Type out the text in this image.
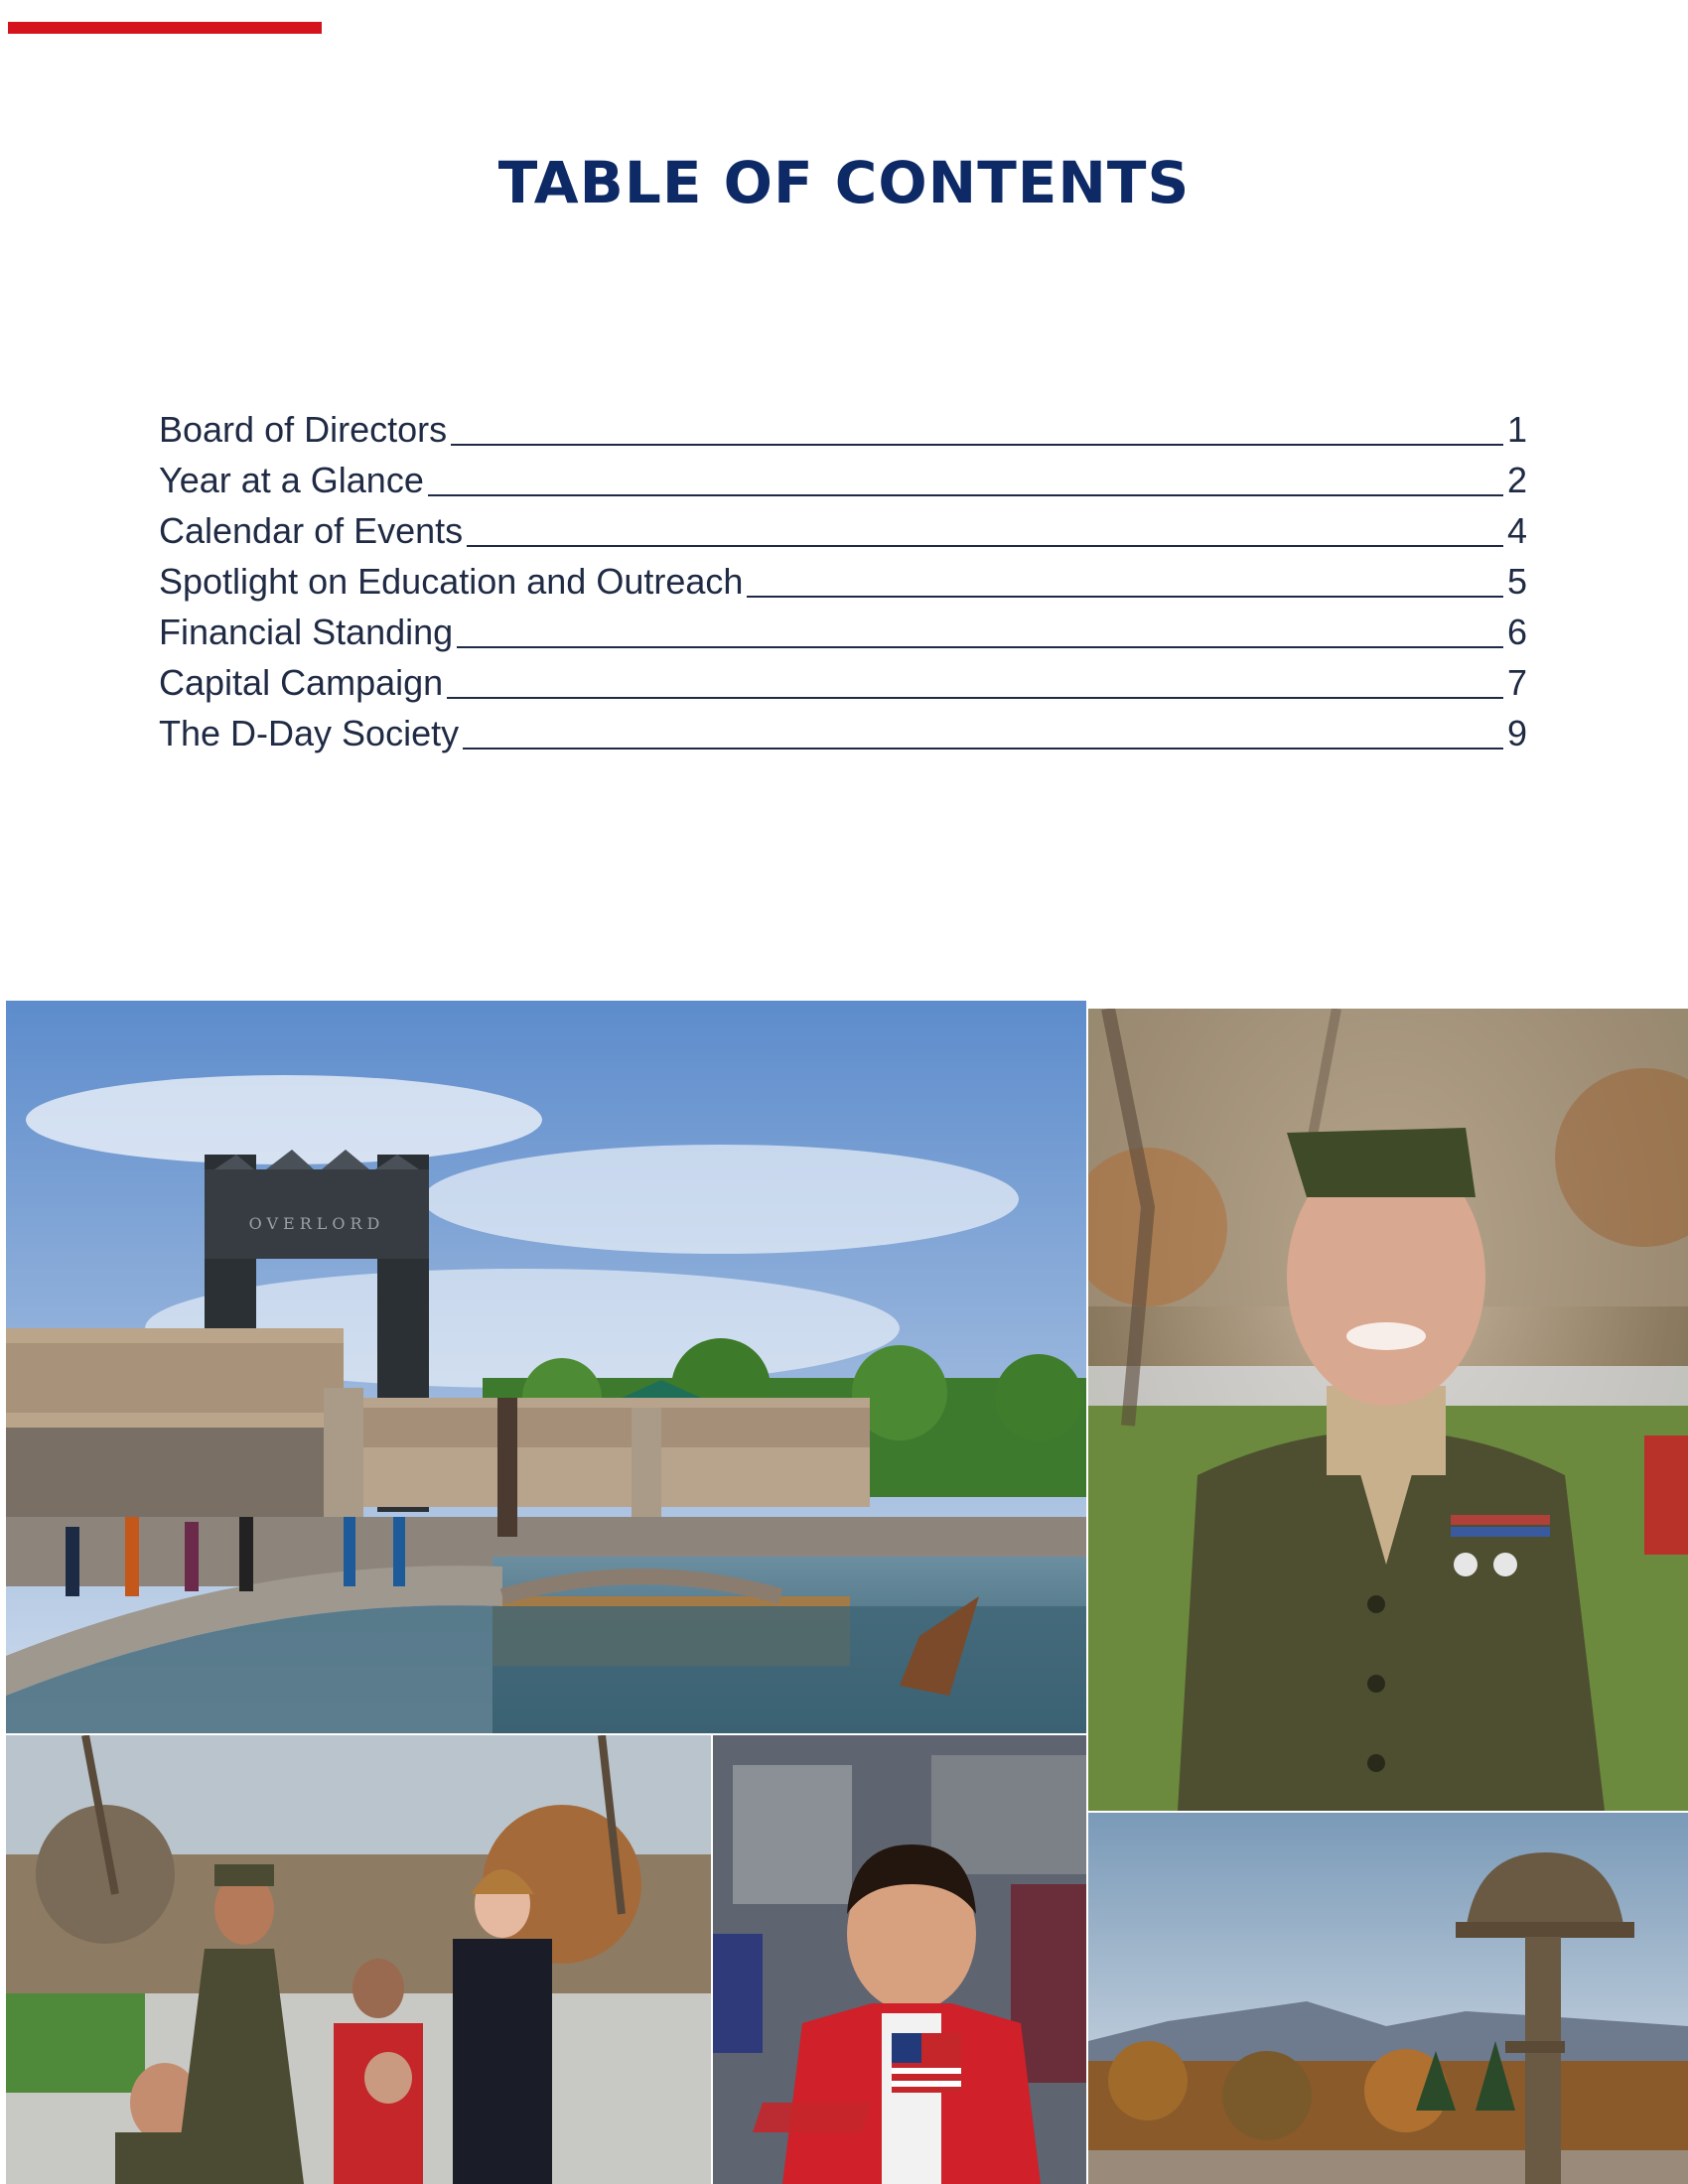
TABLE OF CONTENTS
Board of Directors	1
Year at a Glance	2
Calendar of Events	4
Spotlight on Education and Outreach	5
Financial Standing	6
Capital Campaign	7
The D-Day Society	9
OVERLORD
